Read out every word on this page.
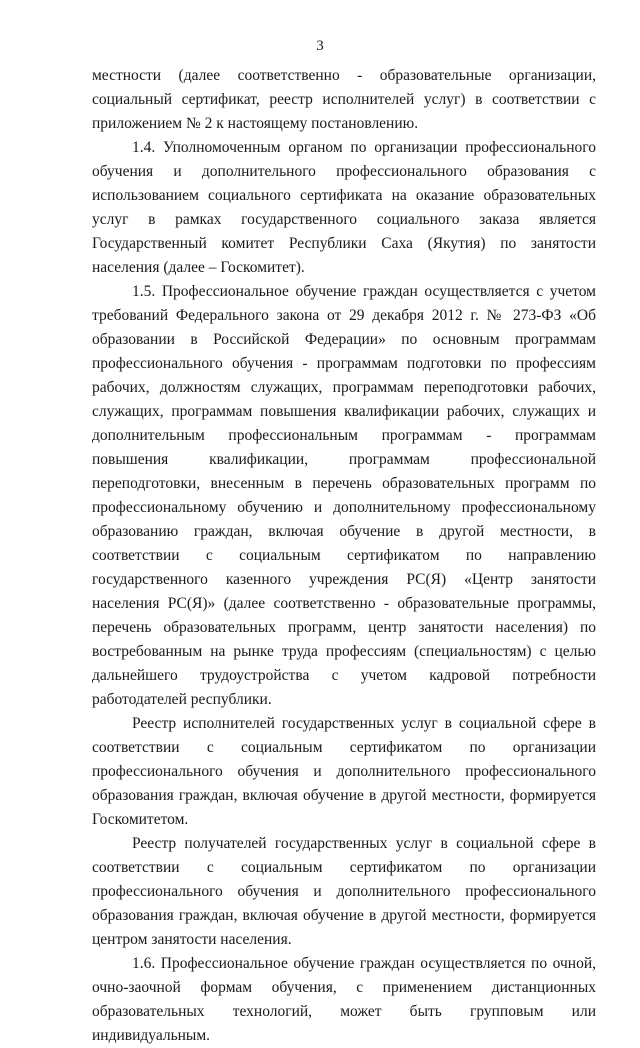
3

местности (далее соответственно - образовательные организации, социальный сертификат, реестр исполнителей услуг) в соответствии с приложением № 2 к настоящему постановлению.

1.4. Уполномоченным органом по организации профессионального обучения и дополнительного профессионального образования с использованием социального сертификата на оказание образовательных услуг в рамках государственного социального заказа является Государственный комитет Республики Саха (Якутия) по занятости населения (далее – Госкомитет).

1.5. Профессиональное обучение граждан осуществляется с учетом требований Федерального закона от 29 декабря 2012 г. № 273-ФЗ «Об образовании в Российской Федерации» по основным программам профессионального обучения - программам подготовки по профессиям рабочих, должностям служащих, программам переподготовки рабочих, служащих, программам повышения квалификации рабочих, служащих и дополнительным профессиональным программам - программам повышения квалификации, программам профессиональной переподготовки, внесенным в перечень образовательных программ по профессиональному обучению и дополнительному профессиональному образованию граждан, включая обучение в другой местности, в соответствии с социальным сертификатом по направлению государственного казенного учреждения РС(Я) «Центр занятости населения РС(Я)» (далее соответственно - образовательные программы, перечень образовательных программ, центр занятости населения) по востребованным на рынке труда профессиям (специальностям) с целью дальнейшего трудоустройства с учетом кадровой потребности работодателей республики.

Реестр исполнителей государственных услуг в социальной сфере в соответствии с социальным сертификатом по организации профессионального обучения и дополнительного профессионального образования граждан, включая обучение в другой местности, формируется Госкомитетом.

Реестр получателей государственных услуг в социальной сфере в соответствии с социальным сертификатом по организации профессионального обучения и дополнительного профессионального образования граждан, включая обучение в другой местности, формируется центром занятости населения.

1.6. Профессиональное обучение граждан осуществляется по очной, очно-заочной формам обучения, с применением дистанционных образовательных технологий, может быть групповым или индивидуальным.
